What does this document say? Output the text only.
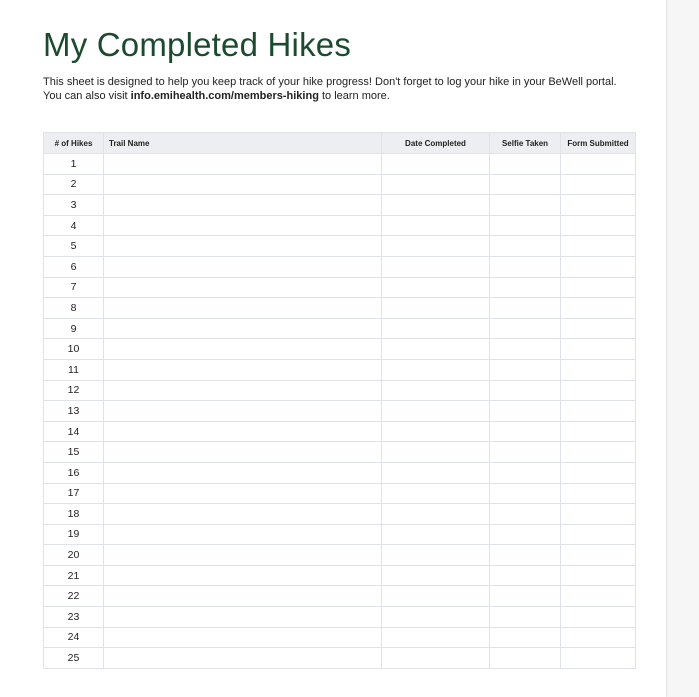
My Completed Hikes

This sheet is designed to help you keep track of your hike progress! Don't forget to log your hike in your BeWell portal. You can also visit info.emihealth.com/members-hiking to learn more.

# of Hikes	Trail Name	Date Completed	Selfie Taken	Form Submitted
1				
2				
3				
4				
5				
6				
7				
8				
9				
10				
11				
12				
13				
14				
15				
16				
17				
18				
19				
20				
21				
22				
23				
24				
25				
